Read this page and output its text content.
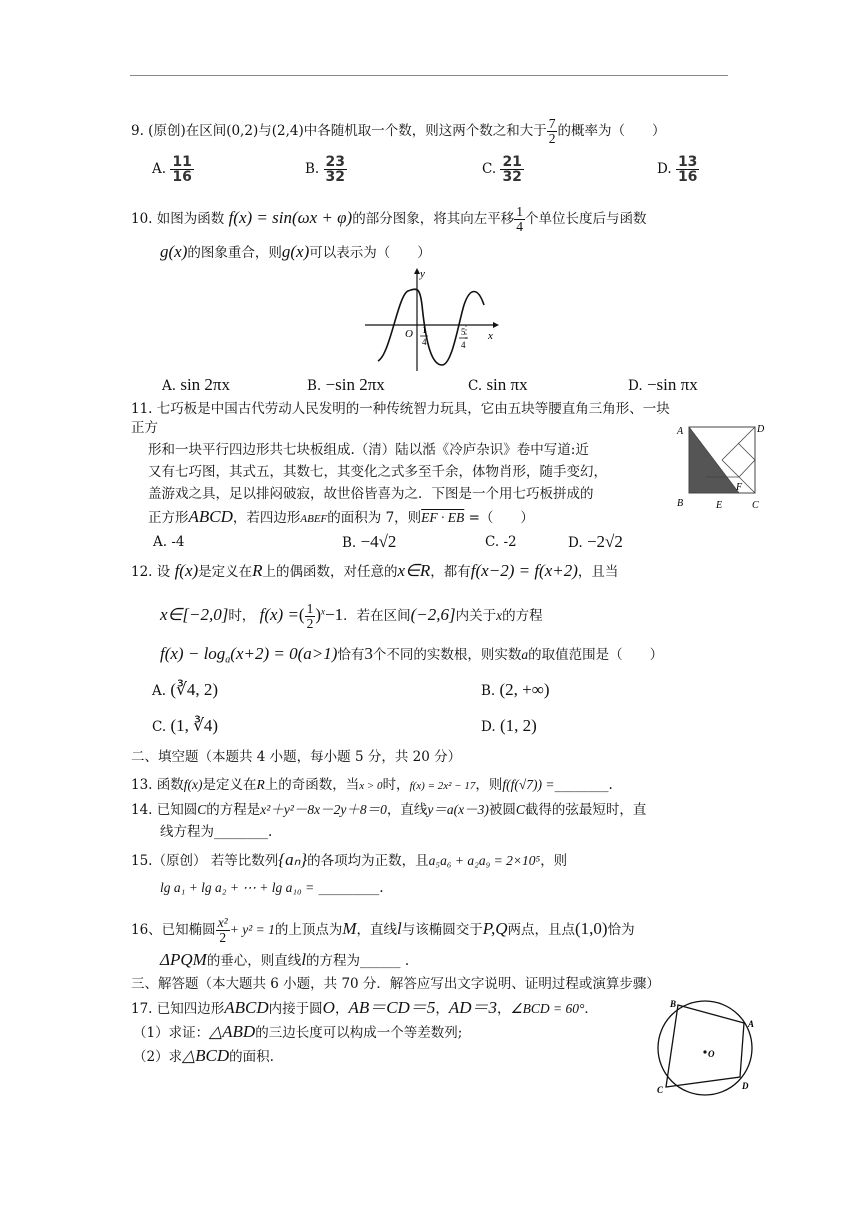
9. (原创)在区间(0,2)与(2,4)中各随机取一个数，则这两个数之和大于 $\frac{7}{2}$ 的概率为（　　）
A. $\frac{11}{16}$	B. $\frac{23}{32}$	C. $\frac{21}{32}$	D. $\frac{13}{16}$
10. 如图为函数 f(x) = sin(ωx + φ)的部分图象，将其向左平移 $\frac{1}{4}$ 个单位长度后与函数
g(x)的图象重合，则g(x)可以表示为（　　）
y
x
O 1
4
5
4
A. sin 2πx	B. −sin 2πx	C. sin πx	D. −sin πx
11. 七巧板是中国古代劳动人民发明的一种传统智力玩具，它由五块等腰直角三角形、一块
正方
形和一块平行四边形共七块板组成.（清）陆以湉《冷庐杂识》卷中写道:近
又有七巧图，其式五，其数七，其变化之式多至千余，体物肖形，随手变幻，
盖游戏之具，足以排闷破寂，故世俗皆喜为之．下图是一个用七巧板拼成的
正方形ABCD，若四边形ABEF的面积为 7，则EF · EB =（　　）
A	D
B	E	C
F
A. -4	B. −4√2	C. -2	D. −2√2
12. 设 f(x)是定义在R上的偶函数，对任意的x∈R，都有f(x−2) = f(x+2)，且当
x∈[−2,0]时， f(x) =( $\frac{1}{2} )^x-1$．若在区间(−2,6]内关于x的方程
$f(x) - \log_a(x+2) = 0(a>1)$恰有3个不同的实数根，则实数a的取值范围是（　　）
A. (∛4, 2)	B. (2, +∞)
C. (1, ∛4)	D. (1, 2)
二、填空题（本题共 4 小题，每小题 5 分，共 20 分）
13. 函数f(x)是定义在R上的奇函数，当x > 0时，f(x) = 2x² − 17，则f(f(√7)) =________.
14. 已知圆C的方程是x²＋y²－8x－2y＋8＝0，直线y＝a(x－3)被圆C截得的弦最短时，直
线方程为________.
15.（原创） 若等比数列{aₙ}的各项均为正数，且a₅a₆ + a₂a₉ = 2×10⁵，则
lg a₁ + lg a₂ + ⋯ + lg a₁₀ = _________.
16、已知椭圆 $\frac{\text{x²}}{2} + y^2 = 1$的上顶点为M，直线l与该椭圆交于P,Q两点，且点(1,0)恰为
ΔPQM的垂心，则直线l的方程为______ .
三、解答题（本大题共 6 小题，共 70 分．解答应写出文字说明、证明过程或演算步骤）
17. 已知四边形ABCD内接于圆O，AB＝CD＝5，AD＝3，∠BCD = 60°．
（1）求证：△ABD的三边长度可以构成一个等差数列;
（2）求△BCD的面积.
B
A
D
C
O
